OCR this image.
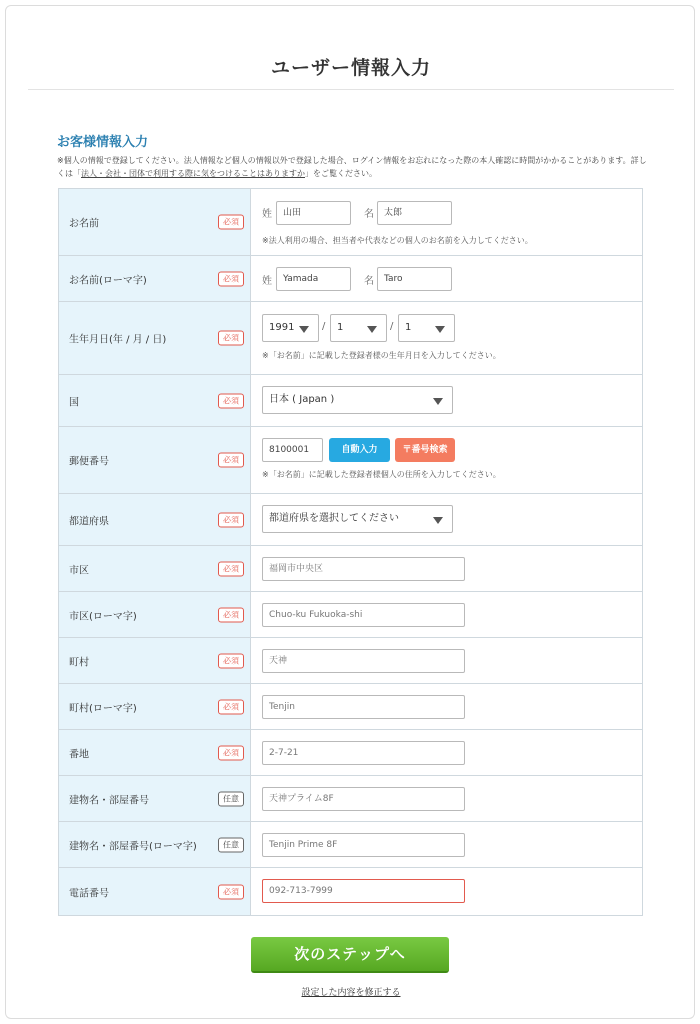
ユーザー情報入力
お客様情報入力
※個人の情報で登録してください。法人情報など個人の情報以外で登録した場合、ログイン情報をお忘れになった際の本人確認に時間がかかることがあります。詳しくは「法人・会社・団体で利用する際に気をつけることはありますか」をご覧ください。
お名前	必須
姓	山田	名	太郎
※法人利用の場合、担当者や代表などの個人のお名前を入力してください。
お名前(ローマ字)	必須	姓	Yamada	名	Taro
生年月日(年 / 月 / 日)	必須
1991	/	1	/	1
※「お名前」に記載した登録者様の生年月日を入力してください。
国	必須	日本 ( Japan )
郵便番号	必須
8100001	自動入力	〒番号検索
※「お名前」に記載した登録者様個人の住所を入力してください。
都道府県	必須	都道府県を選択してください
市区	必須	福岡市中央区
市区(ローマ字)	必須	Chuo-ku Fukuoka-shi
町村	必須	天神
町村(ローマ字)	必須	Tenjin
番地	必須	2-7-21
建物名・部屋番号	任意	天神プライム8F
建物名・部屋番号(ローマ字)	任意	Tenjin Prime 8F
電話番号	必須	092-713-7999
次のステップへ
設定した内容を修正する
